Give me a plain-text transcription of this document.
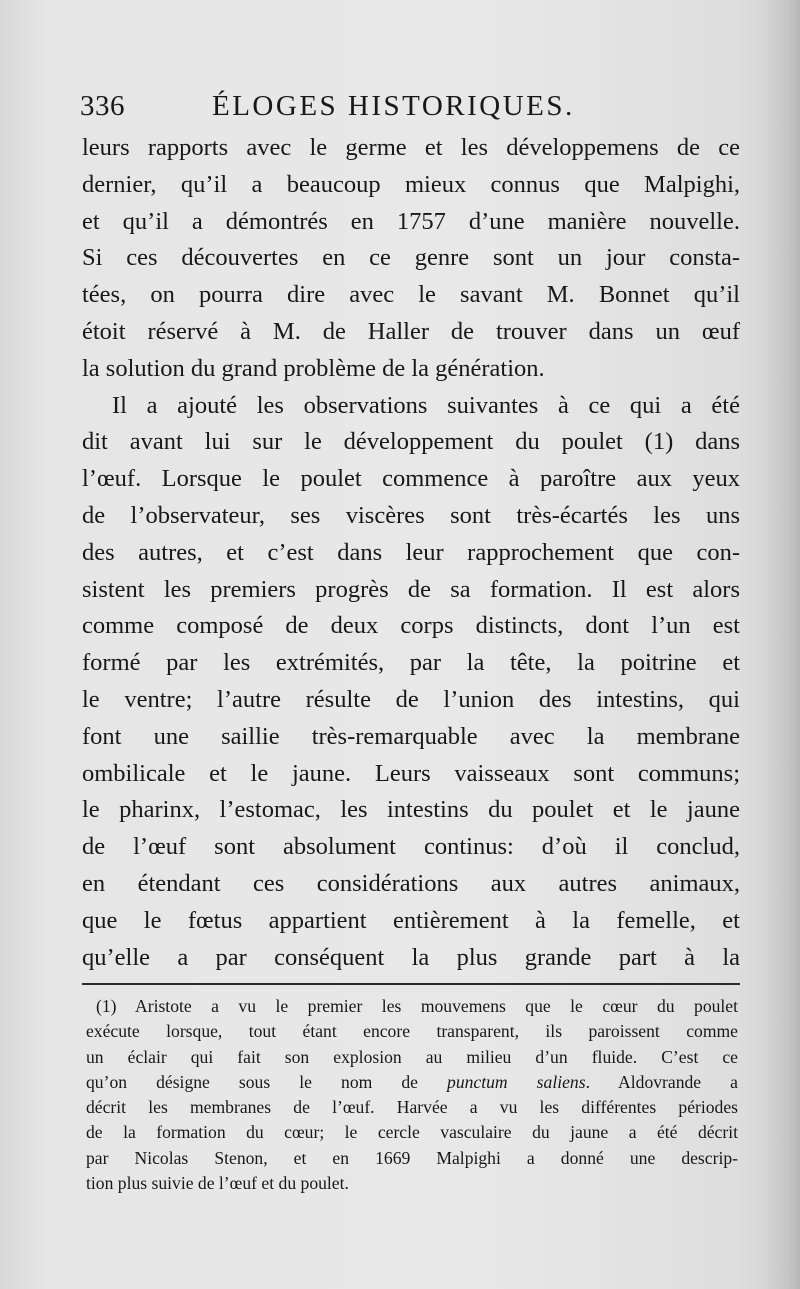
336	ÉLOGES HISTORIQUES.
leurs rapports avec le germe et les développemens de ce
dernier, qu’il a beaucoup mieux connus que Malpighi,
et qu’il a démontrés en 1757 d’une manière nouvelle.
Si ces découvertes en ce genre sont un jour consta-
tées, on pourra dire avec le savant M. Bonnet qu’il
étoit réservé à M. de Haller de trouver dans un œuf
la solution du grand problème de la génération.
Il a ajouté les observations suivantes à ce qui a été
dit avant lui sur le développement du poulet (1) dans
l’œuf. Lorsque le poulet commence à paroître aux yeux
de l’observateur, ses viscères sont très-écartés les uns
des autres, et c’est dans leur rapprochement que con-
sistent les premiers progrès de sa formation. Il est alors
comme composé de deux corps distincts, dont l’un est
formé par les extrémités, par la tête, la poitrine et
le ventre; l’autre résulte de l’union des intestins, qui
font une saillie très-remarquable avec la membrane
ombilicale et le jaune. Leurs vaisseaux sont communs;
le pharinx, l’estomac, les intestins du poulet et le jaune
de l’œuf sont absolument continus: d’où il conclud,
en étendant ces considérations aux autres animaux,
que le fœtus appartient entièrement à la femelle, et
qu’elle a par conséquent la plus grande part à la
(1) Aristote a vu le premier les mouvemens que le cœur du poulet
exécute lorsque, tout étant encore transparent, ils paroissent comme
un éclair qui fait son explosion au milieu d’un fluide. C’est ce
qu’on désigne sous le nom de punctum saliens. Aldovrande a
décrit les membranes de l’œuf. Harvée a vu les différentes périodes
de la formation du cœur; le cercle vasculaire du jaune a été décrit
par Nicolas Stenon, et en 1669 Malpighi a donné une descrip-
tion plus suivie de l’œuf et du poulet.
